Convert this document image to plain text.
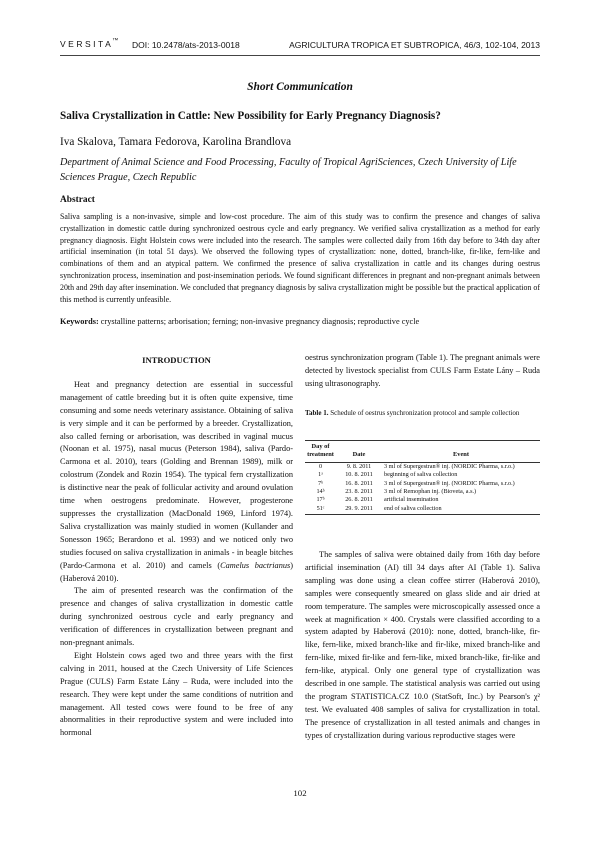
VERSITA™ DOI: 10.2478/ats-2013-0018	AGRICULTURA TROPICA ET SUBTROPICA, 46/3, 102-104, 2013
Short Communication
Saliva Crystallization in Cattle: New Possibility for Early Pregnancy Diagnosis?
Iva Skalova, Tamara Fedorova, Karolina Brandlova
Department of Animal Science and Food Processing, Faculty of Tropical AgriSciences, Czech University of Life Sciences Prague, Czech Republic
Abstract
Saliva sampling is a non-invasive, simple and low-cost procedure. The aim of this study was to confirm the presence and changes of saliva crystallization in domestic cattle during synchronized oestrous cycle and early pregnancy. We verified saliva crystallization as a method for early pregnancy diagnosis. Eight Holstein cows were included into the research. The samples were collected daily from 16th day before to 34th day after artificial insemination (in total 51 days). We observed the following types of crystallization: none, dotted, branch-like, fir-like, fern-like and combinations of them and an atypical pattern. We confirmed the presence of saliva crystallization in cattle and its changes during oestrus synchronization process, insemination and post-insemination periods. We found significant differences in pregnant and non-pregnant animals between 20th and 29th day after insemination. We concluded that pregnancy diagnosis by saliva crystallization might be possible but the practical application of this method is currently unfeasible.
Keywords: crystalline patterns; arborisation; ferning; non-invasive pregnancy diagnosis; reproductive cycle

INTRODUCTION

Heat and pregnancy detection are essential in successful management of cattle breeding but it is often quite expensive, time consuming and some needs veterinary assistance. Obtaining of saliva is very simple and it can be performed by a breeder. Crystallization, also called ferning or arborisation, was described in vaginal mucus (Noonan et al. 1975), nasal mucus (Peterson 1984), saliva (Pardo-Carmona et al. 2010), tears (Golding and Brennan 1989), milk or colostrum (Zondek and Rozin 1954). The typical fern crystallization is distinctive near the peak of follicular activity and around ovulation time when oestrogens predominate. However, progesterone suppresses the crystallization (MacDonald 1969, Linford 1974). Saliva crystallization was mainly studied in women (Kullander and Sonesson 1965; Berardono et al. 1993) and we noticed only two studies focused on saliva crystallization in animals - in beagle bitches (Pardo-Carmona et al. 2010) and camels (Camelus bactrianus) (Haberová 2010).

The aim of presented research was the confirmation of the presence and changes of saliva crystallization in domestic cattle during synchronized oestrous cycle and early pregnancy and verification of differences in crystallization between pregnant and non-pregnant animals.

Eight Holstein cows aged two and three years with the first calving in 2011, housed at the Czech University of Life Sciences Prague (CULS) Farm Estate Lány – Ruda, were included into the research. They were kept under the same conditions of nutrition and management. All tested cows were found to be free of any abnormalities in their reproductive system and were included into hormonal

oestrus synchronization program (Table 1). The pregnant animals were detected by livestock specialist from CULS Farm Estate Lány – Ruda using ultrasonography.

Table 1. Schedule of oestrus synchronization protocol and sample collection
Day of treatment	Date	Event
0	9. 8. 2011	3 ml of Supergestran® inj. (NORDIC Pharma, s.r.o.)
1ᵃ	10. 8. 2011	beginning of saliva collection
7ᵇ	16. 8. 2011	3 ml of Supergestran® inj. (NORDIC Pharma, s.r.o.)
14ᵇ	23. 8. 2011	3 ml of Remophan inj. (Bioveta, a.s.)
17ᵇ	26. 8. 2011	artificial insemination
51ᶜ	29. 9. 2011	end of saliva collection

The samples of saliva were obtained daily from 16th day before artificial insemination (AI) till 34 days after AI (Table 1). Saliva sampling was done using a clean coffee stirrer (Haberová 2010), samples were consequently smeared on glass slide and air dried at room temperature. The samples were microscopically assessed once a week at magnification × 400. Crystals were classified according to a system adapted by Haberová (2010): none, dotted, branch-like, fir-like, fern-like, mixed branch-like and fir-like, mixed branch-like and fern-like, mixed fir-like and fern-like, mixed branch-like, fir-like and fern-like, atypical. Only one general type of crystallization was described in one sample. The statistical analysis was carried out using the program STATISTICA.CZ 10.0 (StatSoft, Inc.) by Pearson's χ² test. We evaluated 408 samples of saliva for crystallization in total. The presence of crystallization in all tested animals and changes in types of crystallization during various reproductive stages were

102
